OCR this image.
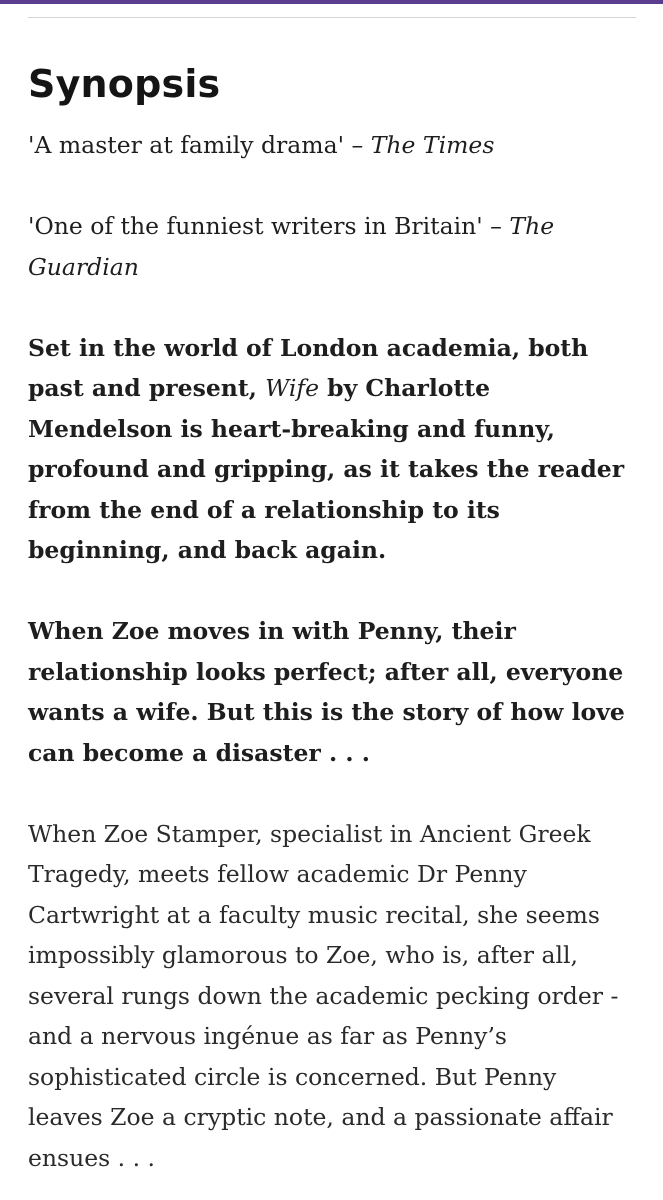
Synopsis

'A master at family drama' – The Times

'One of the funniest writers in Britain' – The Guardian

Set in the world of London academia, both past and present, Wife by Charlotte Mendelson is heart-breaking and funny, profound and gripping, as it takes the reader from the end of a relationship to its beginning, and back again.

When Zoe moves in with Penny, their relationship looks perfect; after all, everyone wants a wife. But this is the story of how love can become a disaster . . .

When Zoe Stamper, specialist in Ancient Greek Tragedy, meets fellow academic Dr Penny Cartwright at a faculty music recital, she seems impossibly glamorous to Zoe, who is, after all, several rungs down the academic pecking order - and a nervous ingénue as far as Penny’s sophisticated circle is concerned. But Penny leaves Zoe a cryptic note, and a passionate affair ensues . . .
